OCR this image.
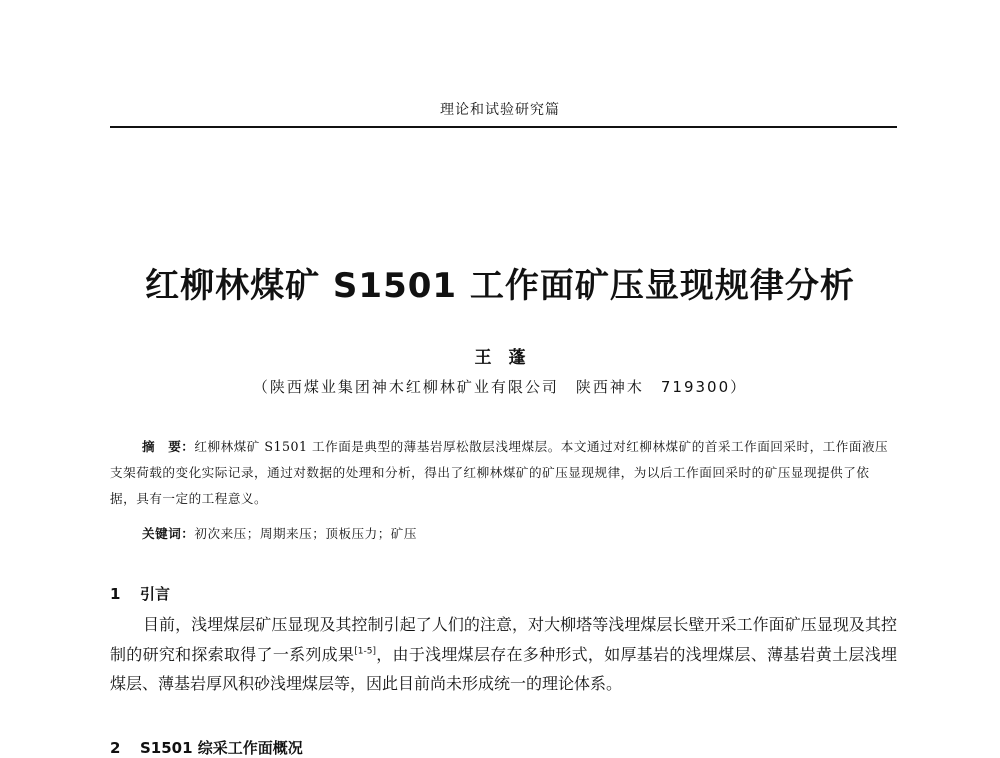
理论和试验研究篇
红柳林煤矿 S1501 工作面矿压显现规律分析
王　蓬
（陕西煤业集团神木红柳林矿业有限公司　陕西神木　719300）

摘　要：红柳林煤矿 S1501 工作面是典型的薄基岩厚松散层浅埋煤层。本文通过对红柳林煤矿的首采工作面回采时，工作面液压支架荷载的变化实际记录，通过对数据的处理和分析，得出了红柳林煤矿的矿压显现规律，为以后工作面回采时的矿压显现提供了依据，具有一定的工程意义。

关键词：初次来压；周期来压；顶板压力；矿压
1 引言

目前，浅埋煤层矿压显现及其控制引起了人们的注意，对大柳塔等浅埋煤层长壁开采工作面矿压显现及其控制的研究和探索取得了一系列成果[1-5]，由于浅埋煤层存在多种形式，如厚基岩的浅埋煤层、薄基岩黄土层浅埋煤层、薄基岩厚风积砂浅埋煤层等，因此目前尚未形成统一的理论体系。

2 S1501 综采工作面概况
